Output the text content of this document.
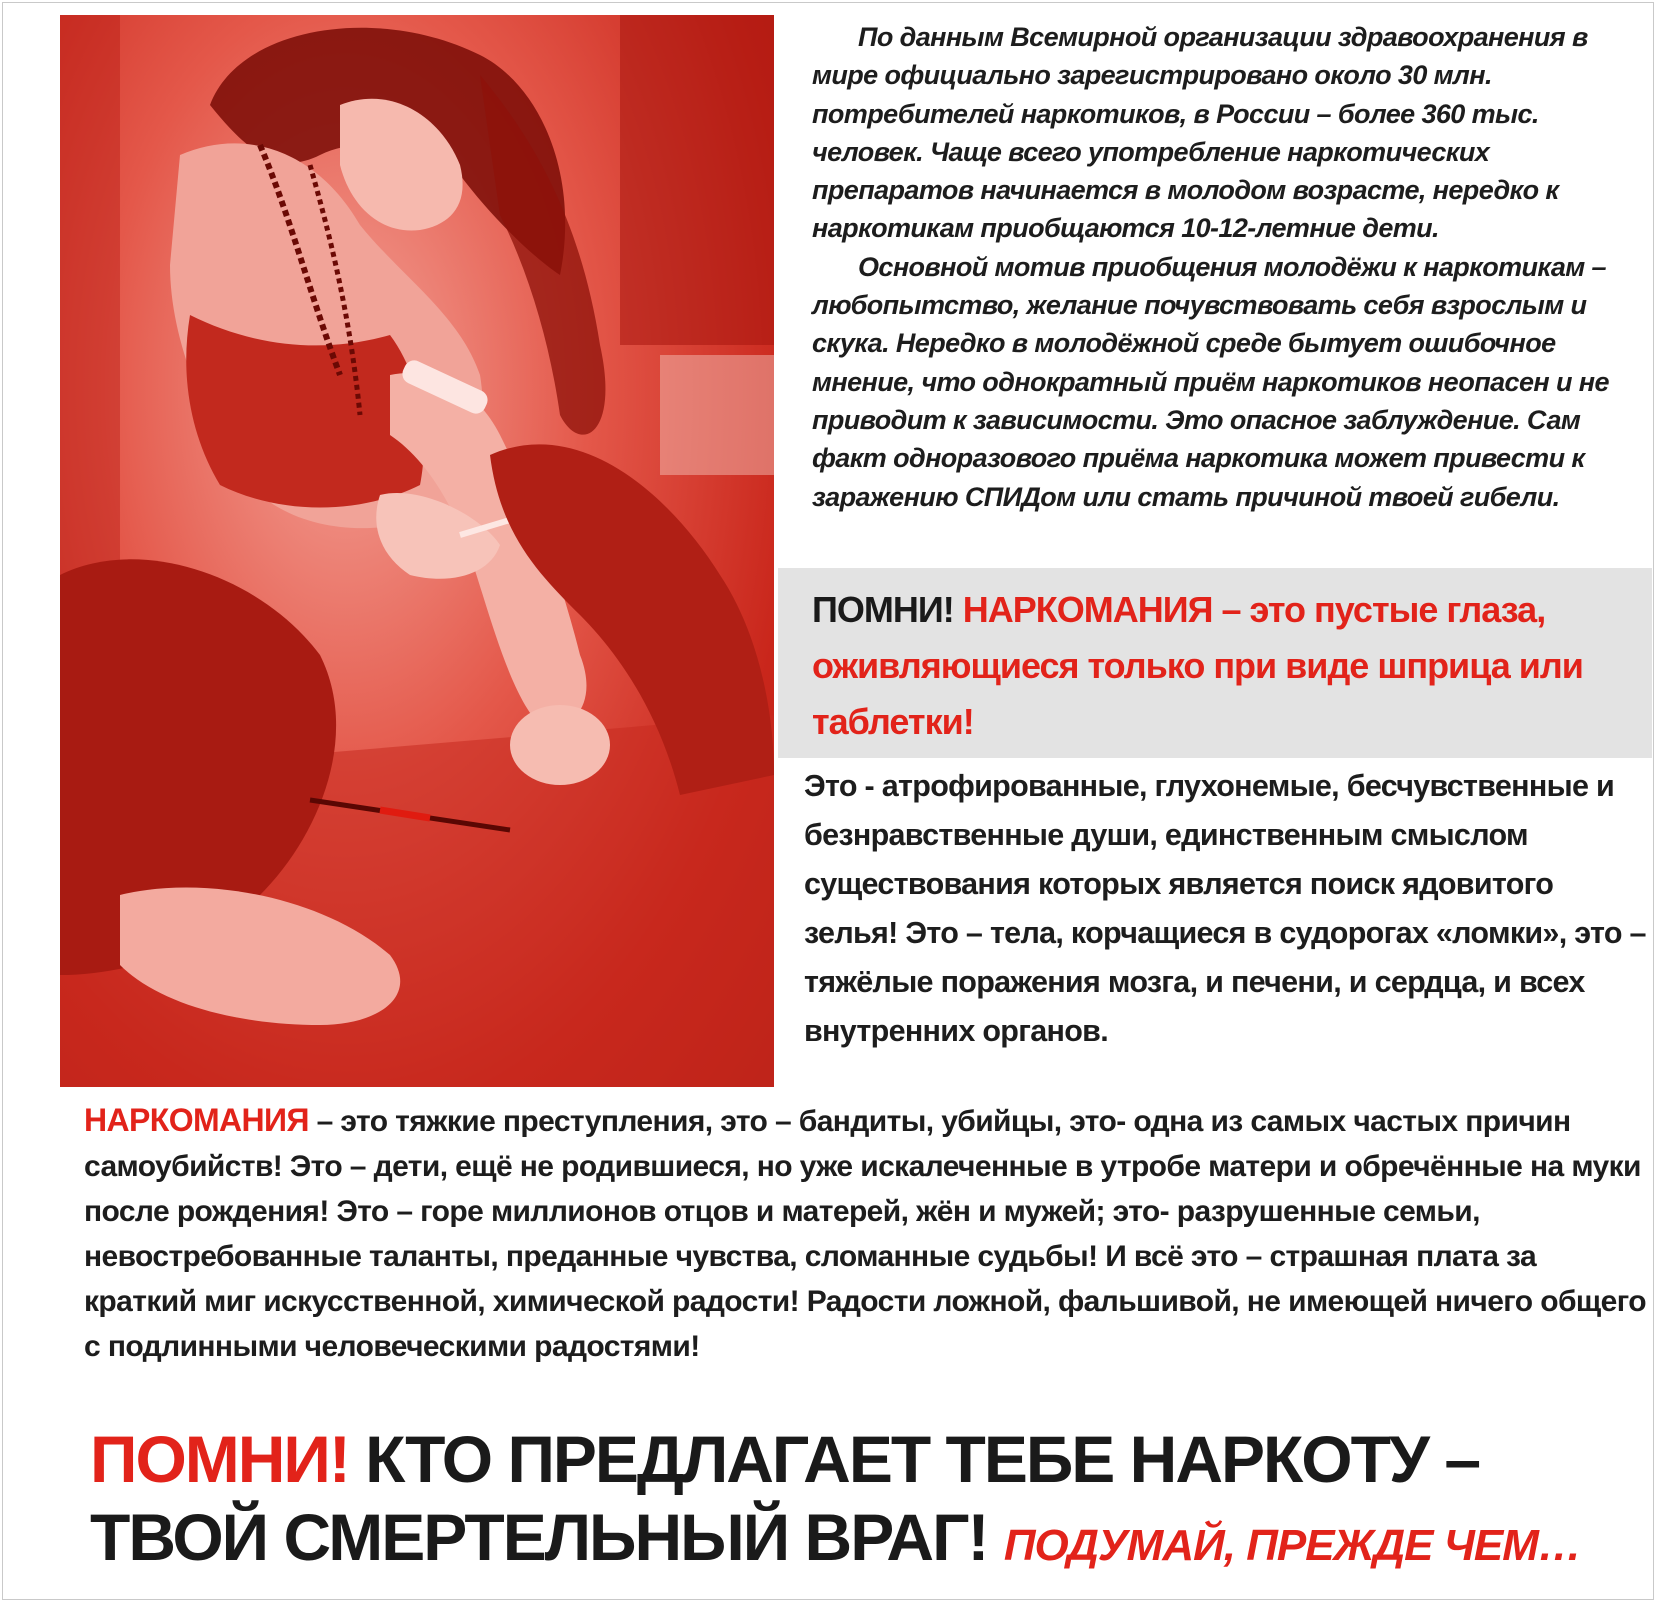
По данным Всемирной организации здравоохранения в мире официально зарегистрировано около 30 млн. потребителей наркотиков, в России – более 360 тыс. человек. Чаще всего употребление наркотических препаратов начинается в молодом возрасте, нередко к наркотикам приобщаются 10-12-летние дети.

Основной мотив приобщения молодёжи к наркотикам – любопытство, желание почувствовать себя взрослым и скука. Нередко в молодёжной среде бытует ошибочное мнение, что однократный приём наркотиков неопасен и не приводит к зависимости. Это опасное заблуждение. Сам факт одноразового приёма наркотика может привести к заражению СПИДом или стать причиной твоей гибели.

ПОМНИ! НАРКОМАНИЯ – это пустые глаза, оживляющиеся только при виде шприца или таблетки!
Это - атрофированные, глухонемые, бесчувственные и безнравственные души, единственным смыслом существования которых является поиск ядовитого зелья! Это – тела, корчащиеся в судорогах «ломки», это – тяжёлые поражения мозга, и печени, и сердца, и всех внутренних органов.
НАРКОМАНИЯ – это тяжкие преступления, это – бандиты, убийцы, это- одна из самых частых причин самоубийств! Это – дети, ещё не родившиеся, но уже искалеченные в утробе матери и обречённые на муки после рождения! Это – горе миллионов отцов и матерей, жён и мужей; это- разрушенные семьи, невостребованные таланты, преданные чувства, сломанные судьбы! И всё это – страшная плата за краткий миг искусственной, химической радости! Радости ложной, фальшивой, не имеющей ничего общего с подлинными человеческими радостями!
ПОМНИ! КТО ПРЕДЛАГАЕТ ТЕБЕ НАРКОТУ –
ТВОЙ СМЕРТЕЛЬНЫЙ ВРАГ! ПОДУМАЙ, ПРЕЖДЕ ЧЕМ…
